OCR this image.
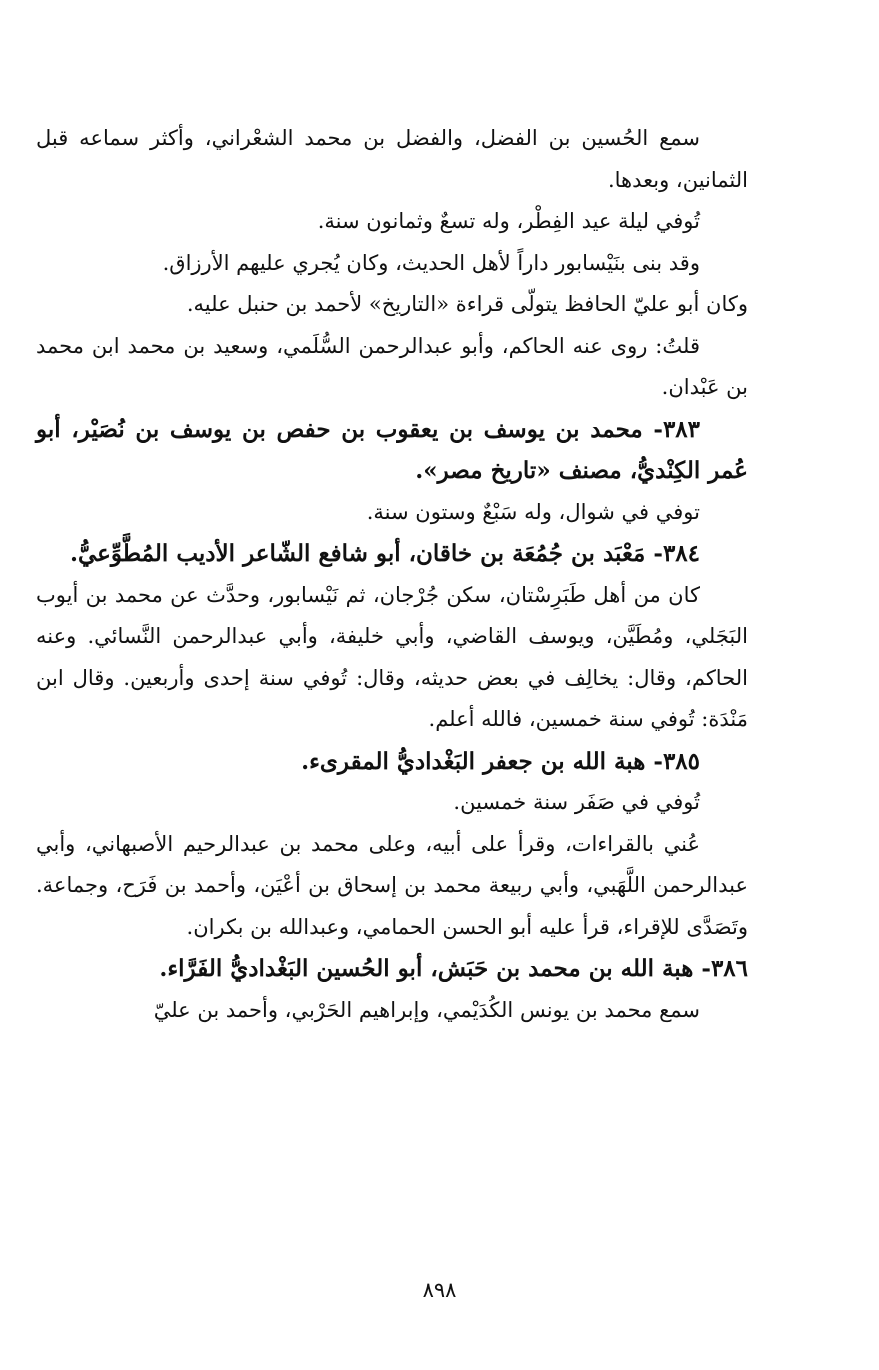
سمع الحُسين بن الفضل، والفضل بن محمد الشعْراني، وأكثر سماعه قبل الثمانين، وبعدها.

تُوفي ليلة عيد الفِطْر، وله تسعٌ وثمانون سنة.

وقد بنى بنَيْسابور داراً لأهل الحديث، وكان يُجري عليهم الأرزاق.

وكان أبو عليّ الحافظ يتولّى قراءة «التاريخ» لأحمد بن حنبل عليه.

قلتُ: روى عنه الحاكم، وأبو عبدالرحمن السُّلَمي، وسعيد بن محمد ابن محمد بن عَبْدان.

٣٨٣- محمد بن يوسف بن يعقوب بن حفص بن يوسف بن نُصَيْر، أبو عُمر الكِنْديُّ، مصنف «تاريخ مصر».

توفي في شوال، وله سَبْعٌ وستون سنة.

٣٨٤- مَعْبَد بن جُمُعَة بن خاقان، أبو شافع الشّاعر الأديب المُطَّوِّعيُّ.

كان من أهل طَبَرِسْتان، سكن جُرْجان، ثم نَيْسابور، وحدَّث عن محمد بن أيوب البَجَلي، ومُطَيَّن، ويوسف القاضي، وأبي خليفة، وأبي عبدالرحمن النَّسائي. وعنه الحاكم، وقال: يخالِف في بعض حديثه، وقال: تُوفي سنة إحدى وأربعين. وقال ابن مَنْدَة: تُوفي سنة خمسين، فالله أعلم.

٣٨٥- هبة الله بن جعفر البَغْداديُّ المقرىء.

تُوفي في صَفَر سنة خمسين.

عُني بالقراءات، وقرأ على أبيه، وعلى محمد بن عبدالرحيم الأصبهاني، وأبي عبدالرحمن اللَّهَبي، وأبي ربيعة محمد بن إسحاق بن أعْيَن، وأحمد بن فَرَح، وجماعة. وتَصَدَّى للإقراء، قرأ عليه أبو الحسن الحمامي، وعبدالله بن بكران.

٣٨٦- هبة الله بن محمد بن حَبَش، أبو الحُسين البَغْداديُّ الفَرَّاء.

سمع محمد بن يونس الكُدَيْمي، وإبراهيم الحَرْبي، وأحمد بن عليّ

٨٩٨
